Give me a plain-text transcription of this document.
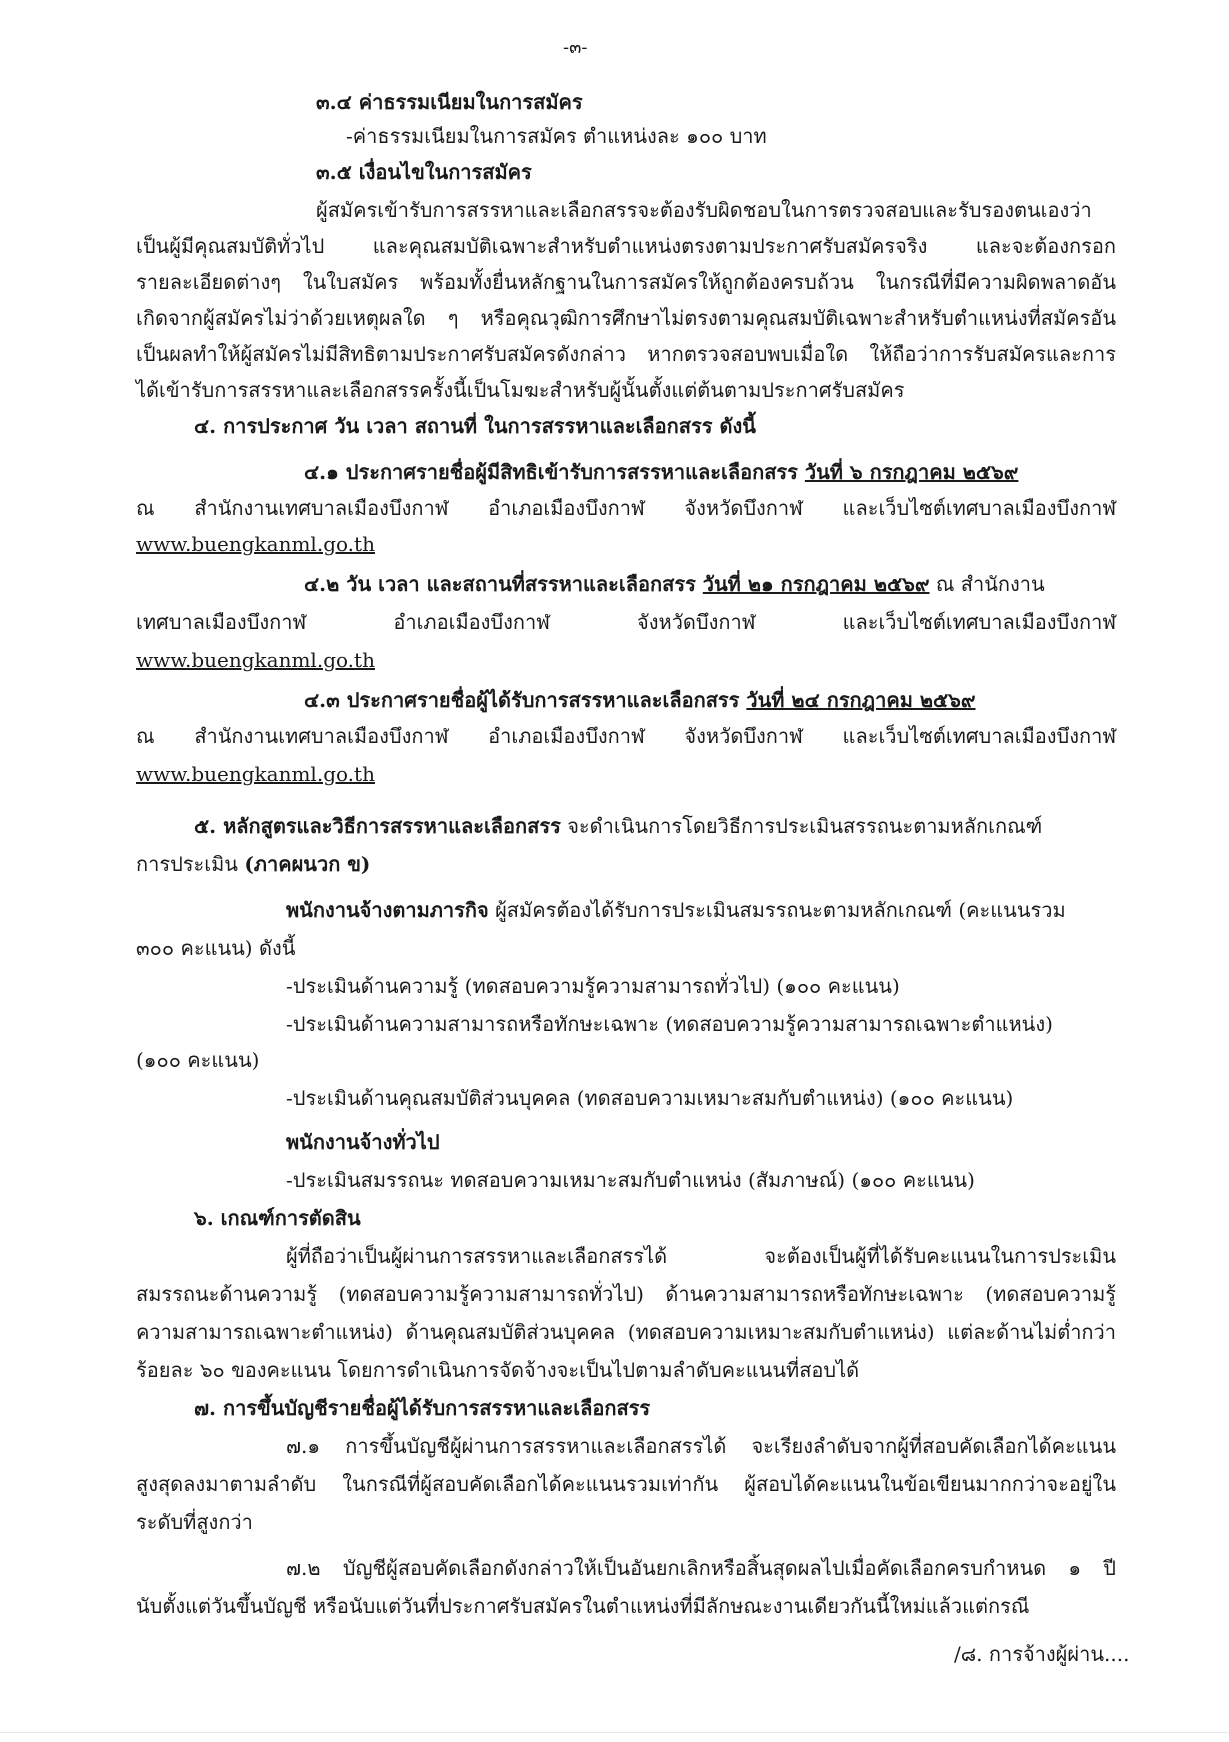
-๓-
๓.๔ ค่าธรรมเนียมในการสมัคร
-ค่าธรรมเนียมในการสมัคร ตำแหน่งละ ๑๐๐ บาท
๓.๕ เงื่อนไขในการสมัคร
ผู้สมัครเข้ารับการสรรหาและเลือกสรรจะต้องรับผิดชอบในการตรวจสอบและรับรองตนเองว่า
เป็นผู้มีคุณสมบัติทั่วไป และคุณสมบัติเฉพาะสำหรับตำแหน่งตรงตามประกาศรับสมัครจริง และจะต้องกรอก
รายละเอียดต่างๆ ในใบสมัคร พร้อมทั้งยื่นหลักฐานในการสมัครให้ถูกต้องครบถ้วน ในกรณีที่มีความผิดพลาดอัน
เกิดจากผู้สมัครไม่ว่าด้วยเหตุผลใด ๆ หรือคุณวุฒิการศึกษาไม่ตรงตามคุณสมบัติเฉพาะสำหรับตำแหน่งที่สมัครอัน
เป็นผลทำให้ผู้สมัครไม่มีสิทธิตามประกาศรับสมัครดังกล่าว หากตรวจสอบพบเมื่อใด ให้ถือว่าการรับสมัครและการ
ได้เข้ารับการสรรหาและเลือกสรรครั้งนี้เป็นโมฆะสำหรับผู้นั้นตั้งแต่ต้นตามประกาศรับสมัคร
๔. การประกาศ วัน เวลา สถานที่ ในการสรรหาและเลือกสรร ดังนี้
๔.๑ ประกาศรายชื่อผู้มีสิทธิเข้ารับการสรรหาและเลือกสรร วันที่ ๖ กรกฎาคม ๒๕๖๙
ณ สำนักงานเทศบาลเมืองบึงกาฬ อำเภอเมืองบึงกาฬ จังหวัดบึงกาฬ และเว็บไซต์เทศบาลเมืองบึงกาฬ
www.buengkanml.go.th
๔.๒ วัน เวลา และสถานที่สรรหาและเลือกสรร วันที่ ๒๑ กรกฎาคม ๒๕๖๙ ณ สำนักงาน
เทศบาลเมืองบึงกาฬ อำเภอเมืองบึงกาฬ จังหวัดบึงกาฬ และเว็บไซต์เทศบาลเมืองบึงกาฬ
www.buengkanml.go.th
๔.๓ ประกาศรายชื่อผู้ได้รับการสรรหาและเลือกสรร วันที่ ๒๔ กรกฎาคม ๒๕๖๙
ณ สำนักงานเทศบาลเมืองบึงกาฬ อำเภอเมืองบึงกาฬ จังหวัดบึงกาฬ และเว็บไซต์เทศบาลเมืองบึงกาฬ
www.buengkanml.go.th
๕. หลักสูตรและวิธีการสรรหาและเลือกสรร จะดำเนินการโดยวิธีการประเมินสรรถนะตามหลักเกณฑ์
การประเมิน (ภาคผนวก ข)
พนักงานจ้างตามภารกิจ ผู้สมัครต้องได้รับการประเมินสมรรถนะตามหลักเกณฑ์ (คะแนนรวม
๓๐๐ คะแนน) ดังนี้
-ประเมินด้านความรู้ (ทดสอบความรู้ความสามารถทั่วไป) (๑๐๐ คะแนน)
-ประเมินด้านความสามารถหรือทักษะเฉพาะ (ทดสอบความรู้ความสามารถเฉพาะตำแหน่ง)
(๑๐๐ คะแนน)
-ประเมินด้านคุณสมบัติส่วนบุคคล (ทดสอบความเหมาะสมกับตำแหน่ง) (๑๐๐ คะแนน)
พนักงานจ้างทั่วไป
-ประเมินสมรรถนะ ทดสอบความเหมาะสมกับตำแหน่ง (สัมภาษณ์) (๑๐๐ คะแนน)
๖. เกณฑ์การตัดสิน
ผู้ที่ถือว่าเป็นผู้ผ่านการสรรหาและเลือกสรรได้ จะต้องเป็นผู้ที่ได้รับคะแนนในการประเมิน
สมรรถนะด้านความรู้ (ทดสอบความรู้ความสามารถทั่วไป) ด้านความสามารถหรือทักษะเฉพาะ (ทดสอบความรู้
ความสามารถเฉพาะตำแหน่ง) ด้านคุณสมบัติส่วนบุคคล (ทดสอบความเหมาะสมกับตำแหน่ง) แต่ละด้านไม่ต่ำกว่า
ร้อยละ ๖๐ ของคะแนน โดยการดำเนินการจัดจ้างจะเป็นไปตามลำดับคะแนนที่สอบได้
๗. การขึ้นบัญชีรายชื่อผู้ได้รับการสรรหาและเลือกสรร
๗.๑ การขึ้นบัญชีผู้ผ่านการสรรหาและเลือกสรรได้ จะเรียงลำดับจากผู้ที่สอบคัดเลือกได้คะแนน
สูงสุดลงมาตามลำดับ ในกรณีที่ผู้สอบคัดเลือกได้คะแนนรวมเท่ากัน ผู้สอบได้คะแนนในข้อเขียนมากกว่าจะอยู่ใน
ระดับที่สูงกว่า
๗.๒ บัญชีผู้สอบคัดเลือกดังกล่าวให้เป็นอันยกเลิกหรือสิ้นสุดผลไปเมื่อคัดเลือกครบกำหนด ๑ ปี
นับตั้งแต่วันขึ้นบัญชี หรือนับแต่วันที่ประกาศรับสมัครในตำแหน่งที่มีลักษณะงานเดียวกันนี้ใหม่แล้วแต่กรณี
/๘. การจ้างผู้ผ่าน....
